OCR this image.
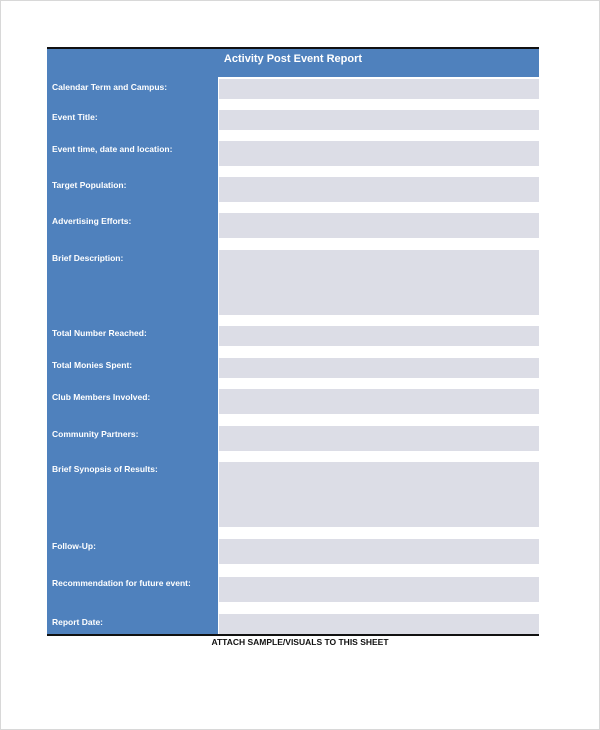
Activity Post Event Report
Calendar Term and Campus:
Event Title:
Event time, date and location:
Target Population:
Advertising Efforts:
Brief Description:
Total Number Reached:
Total Monies Spent:
Club Members Involved:
Community Partners:
Brief Synopsis of Results:
Follow-Up:
Recommendation for future event:
Report Date:
ATTACH SAMPLE/VISUALS TO THIS SHEET
